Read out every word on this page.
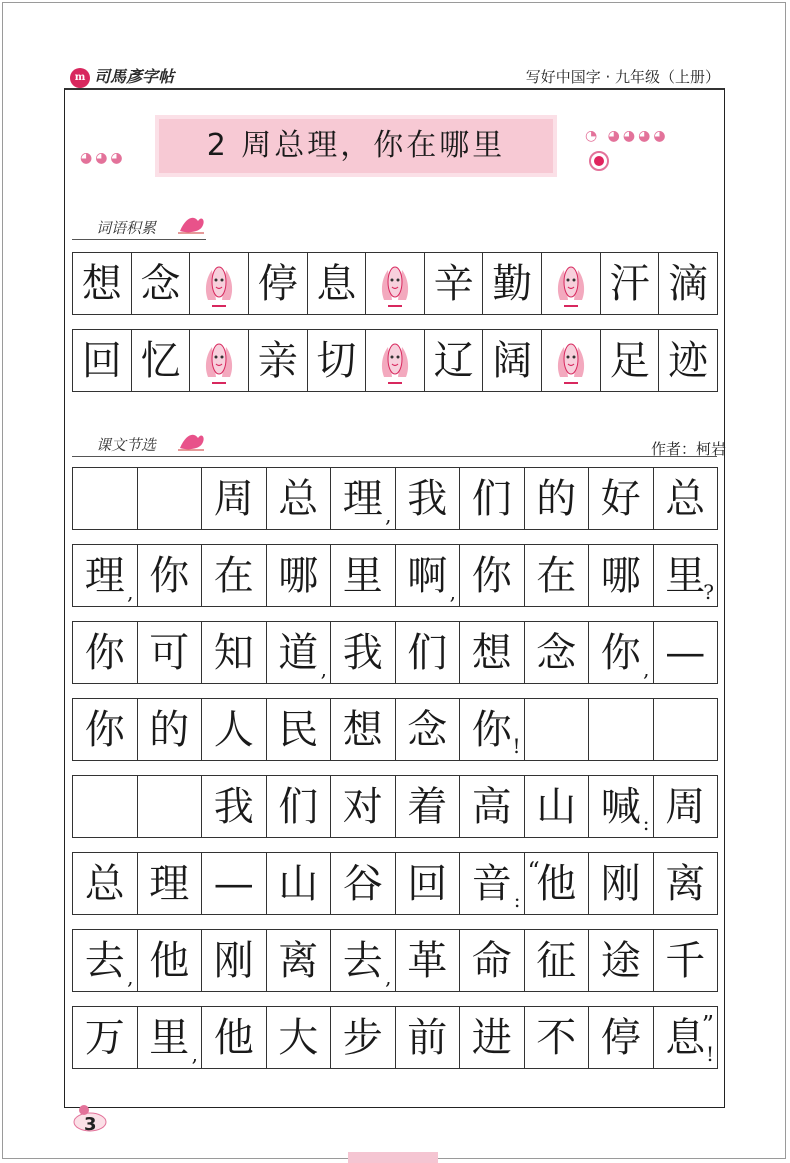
m 司馬彥字帖	写好中国字 · 九年级（上册）
◕◕◕
◔ ◕◕◕◕
2 周总理，你在哪里
词语积累
想 念 停 息 辛 勤 汗 滴
回 忆 亲 切 辽 阔 足 迹
课文节选	作者：柯岩
周 总 理 , 我 们 的 好 总
理 , 你 在 哪 里 啊 , 你 在 哪 里
?
你 可 知 道 , 我 们 想 念 你 , —
你 的 人 民 想 念 你 !
我 们 对 着 高 山 喊 : 周
总 理 — 山 谷 回 音 : 他
“ 刚 离
去 , 他 刚 离 去 , 革 命 征 途 千
万 里 , 他 大 步 前 进 不 停 息 !
”
3
